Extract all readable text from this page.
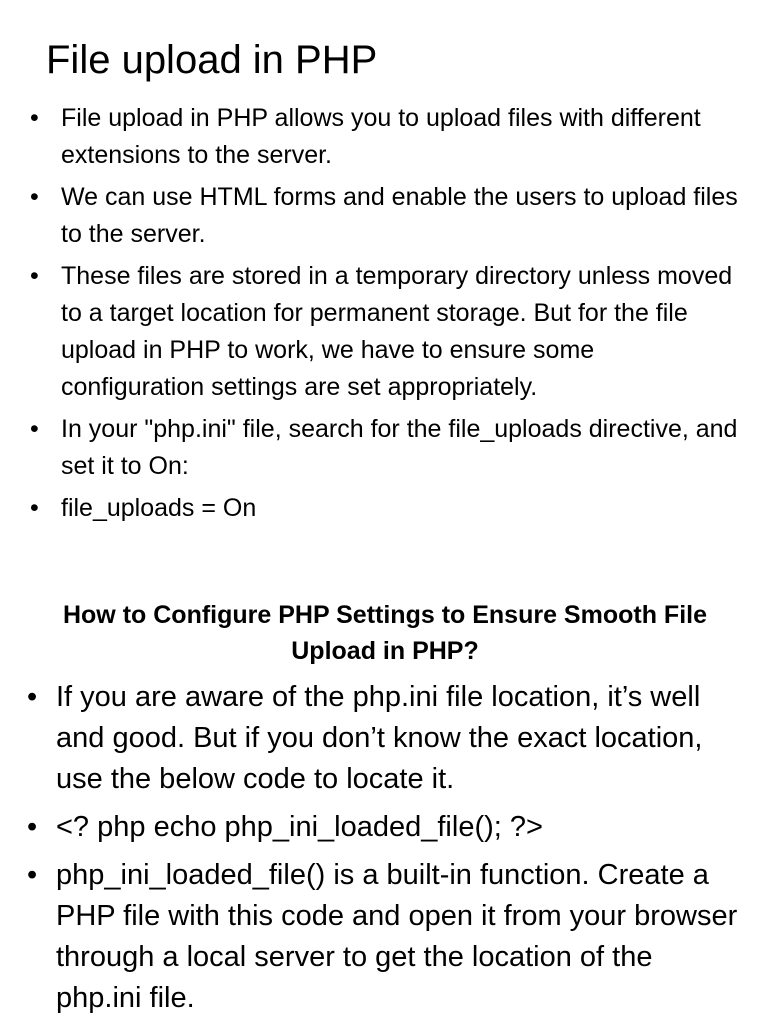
File upload in PHP
• File upload in PHP allows you to upload files with different extensions to the server.
• We can use HTML forms and enable the users to upload files to the server.
• These files are stored in a temporary directory unless moved to a target location for permanent storage. But for the file upload in PHP to work, we have to ensure some configuration settings are set appropriately.
• In your "php.ini" file, search for the file_uploads directive, and set it to On:
• file_uploads = On
How to Configure PHP Settings to Ensure Smooth File Upload in PHP?
• If you are aware of the php.ini file location, it’s well and good. But if you don’t know the exact location, use the below code to locate it.
• <? php echo php_ini_loaded_file(); ?>
• php_ini_loaded_file() is a built-in function. Create a PHP file with this code and open it from your browser through a local server to get the location of the php.ini file.
